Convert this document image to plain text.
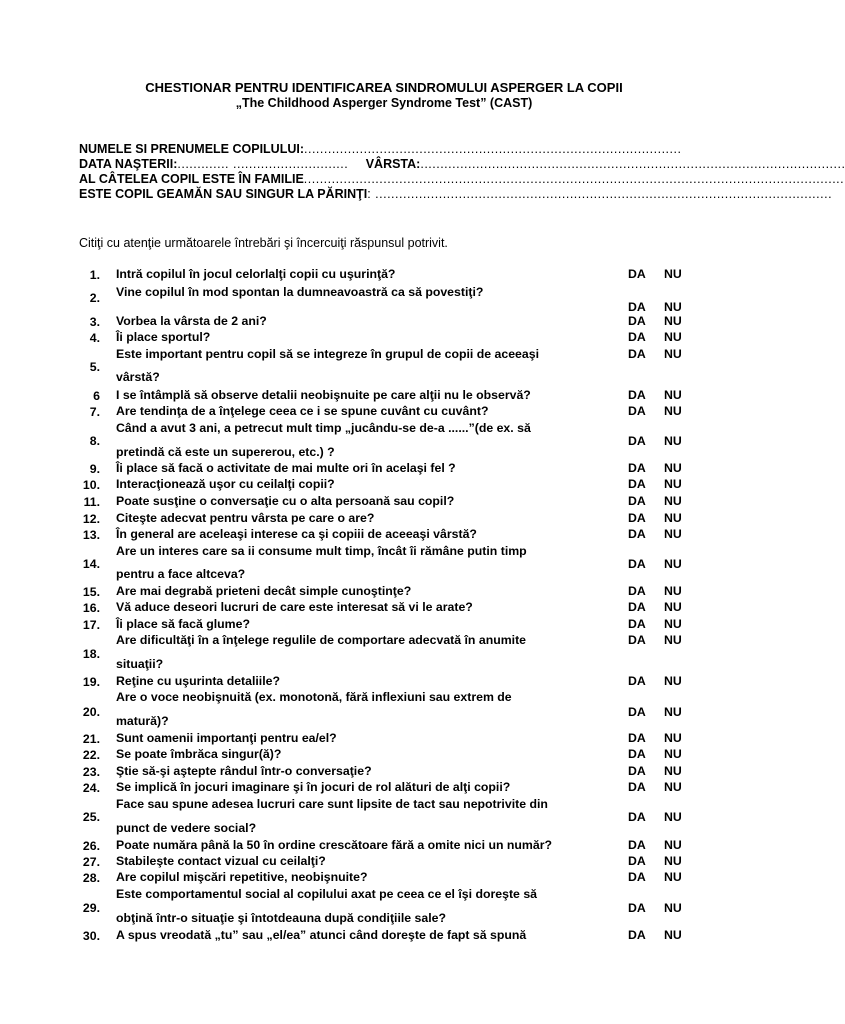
CHESTIONAR PENTRU IDENTIFICAREA SINDROMULUI ASPERGER LA COPII
„The Childhood Asperger Syndrome Test” (CAST)
NUMELE SI PRENUMELE COPILULUI:...............................................................................................
DATA NAŞTERII:............. ............................. VÂRSTA:...........................................................................................................
AL CÂTELEA COPIL ESTE ÎN FAMILIE........................................................................................................................................
ESTE COPIL GEAMĂN SAU SINGUR LA PĂRINŢI: ...................................................................................................................
Citiţi cu atenţie următoarele întrebări şi încercuiţi răspunsul potrivit.
1. Intră copilul în jocul celorlalţi copii cu uşurinţă?	DA NU
2. Vine copilul în mod spontan la dumneavoastră ca să povestiţi?
DA NU
3. Vorbea la vârsta de 2 ani?	DA NU
4. Îi place sportul?	DA NU
5.
Este important pentru copil să se integreze în grupul de copii de aceeaşi
vârstă?
DA NU
6 I se întâmplă să observe detalii neobişnuite pe care alţii nu le observă?	DA NU
7. Are tendinţa de a înţelege ceea ce i se spune cuvânt cu cuvânt?	DA NU
8.
Când a avut 3 ani, a petrecut mult timp „jucându-se de-a ......”(de ex. să
pretindă că este un supererou, etc.) ?
DA NU
9. Îi place să facă o activitate de mai multe ori în acelaşi fel ?	DA NU
10. Interacţionează uşor cu ceilalţi copii?	DA NU
11. Poate susţine o conversaţie cu o alta persoană sau copil?	DA NU
12. Citeşte adecvat pentru vârsta pe care o are?	DA NU
13. În general are aceleaşi interese ca şi copiii de aceeaşi vârstă?	DA NU
14.
Are un interes care sa ii consume mult timp, încât îi rămâne putin timp
pentru a face altceva?
DA NU
15. Are mai degrabă prieteni decât simple cunoştinţe?	DA NU
16. Vă aduce deseori lucruri de care este interesat să vi le arate?	DA NU
17. Îi place să facă glume?	DA NU
18.
Are dificultăţi în a înţelege regulile de comportare adecvată în anumite
situaţii?
DA NU
19. Reţine cu uşurinta detaliile?	DA NU
20.
Are o voce neobişnuită (ex. monotonă, fără inflexiuni sau extrem de
matură)?
DA NU
21. Sunt oamenii importanţi pentru ea/el?	DA NU
22. Se poate îmbrăca singur(ă)?	DA NU
23. Ştie să-şi aştepte rândul într-o conversaţie?	DA NU
24. Se implică în jocuri imaginare şi în jocuri de rol alături de alţi copii?	DA NU
25.
Face sau spune adesea lucruri care sunt lipsite de tact sau nepotrivite din
punct de vedere social?
DA NU
26. Poate număra până la 50 în ordine crescătoare fără a omite nici un număr?	DA NU
27. Stabileşte contact vizual cu ceilalţi?	DA NU
28. Are copilul mişcări repetitive, neobişnuite?	DA NU
29.
Este comportamentul social al copilului axat pe ceea ce el îşi doreşte să
obţină într-o situaţie şi întotdeauna după condiţiile sale?
DA NU
30. A spus vreodată „tu” sau „el/ea” atunci când doreşte de fapt să spună	DA NU
